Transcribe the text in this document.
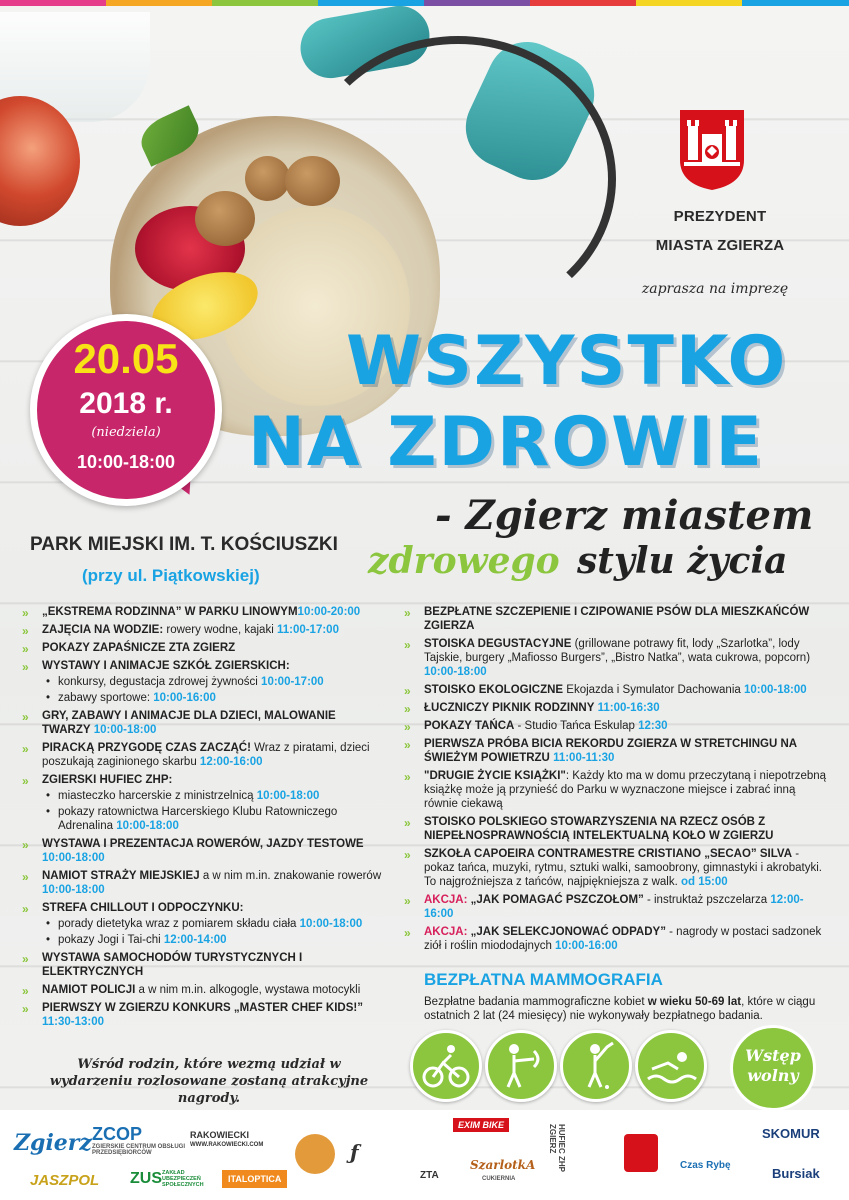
PREZYDENT
MIASTA ZGIERZA
zaprasza na imprezę
WSZYSTKO
NA ZDROWIE
- Zgierz miastem
zdrowego stylu życia
20.05
2018 r.
(niedziela)
10:00-18:00
PARK MIEJSKI IM. T. KOŚCIUSZKI
(przy ul. Piątkowskiej)
» „EKSTREMA RODZINNA” W PARKU LINOWYM10:00-20:00
» ZAJĘCIA NA WODZIE: rowery wodne, kajaki 11:00-17:00
» POKAZY ZAPAŚNICZE ZTA ZGIERZ
» WYSTAWY I ANIMACJE SZKÓŁ ZGIERSKICH:
• konkursy, degustacja zdrowej żywności 10:00-17:00
• zabawy sportowe: 10:00-16:00
» GRY, ZABAWY I ANIMACJE DLA DZIECI, MALOWANIE TWARZY 10:00-18:00
» PIRACKĄ PRZYGODĘ CZAS ZACZĄĆ! Wraz z piratami, dzieci poszukają zaginionego skarbu 12:00-16:00
» ZGIERSKI HUFIEC ZHP:
• miasteczko harcerskie z ministrzelnicą 10:00-18:00
• pokazy ratownictwa Harcerskiego Klubu Ratowniczego Adrenalina 10:00-18:00
» WYSTAWA I PREZENTACJA ROWERÓW, JAZDY TESTOWE 10:00-18:00
» NAMIOT STRAŻY MIEJSKIEJ a w nim m.in. znakowanie rowerów 10:00-18:00
» STREFA CHILLOUT I ODPOCZYNKU:
• porady dietetyka wraz z pomiarem składu ciała 10:00-18:00
• pokazy Jogi i Tai-chi 12:00-14:00
» WYSTAWA SAMOCHODÓW TURYSTYCZNYCH I ELEKTRYCZNYCH
» NAMIOT POLICJI a w nim m.in. alkogogle, wystawa motocykli
» PIERWSZY W ZGIERZU KONKURS „MASTER CHEF KIDS!” 11:30-13:00
» BEZPŁATNE SZCZEPIENIE I CZIPOWANIE PSÓW DLA MIESZKAŃCÓW ZGIERZA
» STOISKA DEGUSTACYJNE (grillowane potrawy fit, lody „Szarlotka”, lody Tajskie, burgery „Mafiosso Burgers”, „Bistro Natka”, wata cukrowa, popcorn) 10:00-18:00
» STOISKO EKOLOGICZNE Ekojazda i Symulator Dachowania 10:00-18:00
» ŁUCZNICZY PIKNIK RODZINNY 11:00-16:30
» POKAZY TAŃCA - Studio Tańca Eskulap 12:30
» PIERWSZA PRÓBA BICIA REKORDU ZGIERZA W STRETCHINGU NA ŚWIEŻYM POWIETRZU 11:00-11:30
» "DRUGIE ŻYCIE KSIĄŻKI": Każdy kto ma w domu przeczytaną i niepotrzebną książkę może ją przynieść do Parku w wyznaczone miejsce i zabrać inną równie ciekawą
» STOISKO POLSKIEGO STOWARZYSZENIA NA RZECZ OSÓB Z NIEPEŁNOSPRAWNOŚCIĄ INTELEKTUALNĄ KOŁO W ZGIERZU
» SZKOŁA CAPOEIRA CONTRAMESTRE CRISTIANO „SECAO” SILVA - pokaz tańca, muzyki, rytmu, sztuki walki, samoobrony, gimnastyki i akrobatyki. To najgroźniejsza z tańców, najpiękniejsza z walk. od 15:00
» AKCJA: „JAK POMAGAĆ PSZCZOŁOM” - instruktaż pszczelarza 12:00-16:00
» AKCJA: „JAK SELEKCJONOWAĆ ODPADY” - nagrody w postaci sadzonek ziół i roślin miododajnych 10:00-16:00
BEZPŁATNA MAMMOGRAFIA
Bezpłatne badania mammograficzne kobiet w wieku 50-69 lat, które w ciągu ostatnich 2 lat (24 miesięcy) nie wykonywały bezpłatnego badania.
Wśród rodzin, które wezmą udział w wydarzeniu rozlosowane zostaną atrakcyjne nagrody.
Wstęp
wolny
Zgierz
JASZPOL
ZCOP
ZGIERSKIE CENTRUM OBSŁUGI PRZEDSIĘBIORCÓW
ZUS ZAKŁAD UBEZPIECZEŃ SPOŁECZNYCH
RAKOWIECKI
WWW.RAKOWIECKI.COM
ITALOPTICA
ƒ
ZTA
EXIM BIKE
SzarlotkA
CUKIERNIA
HUFIEC ZHP ZGIERZ
Czas Rybę
SKOMUR
Bursiak
